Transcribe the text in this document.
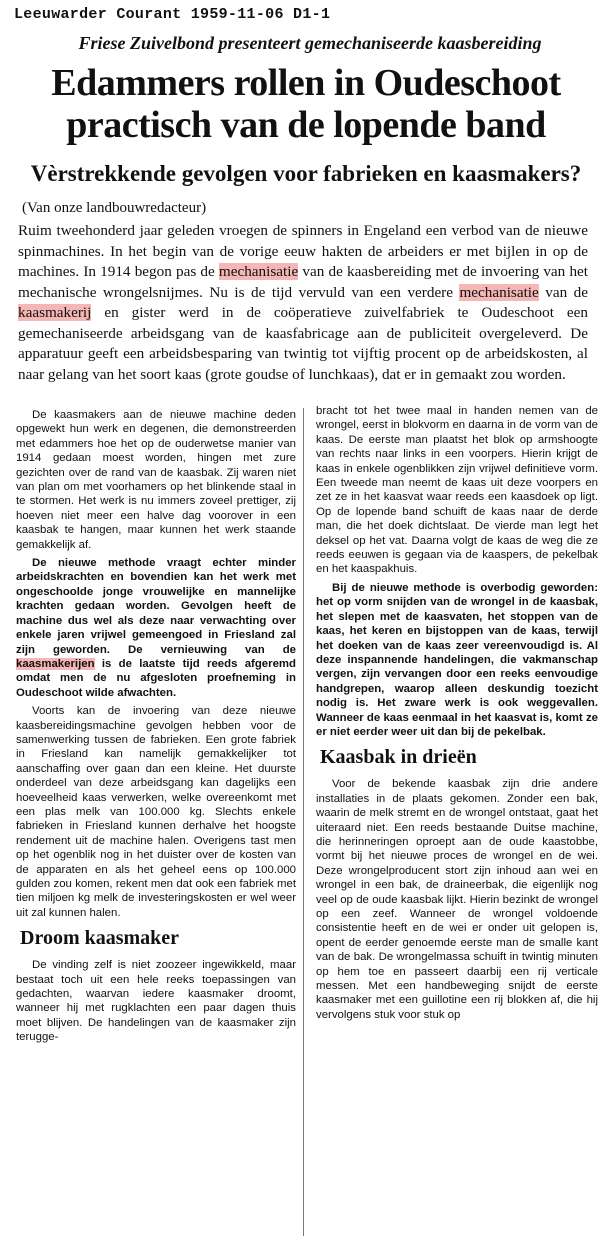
Leeuwarder Courant 1959-11-06 D1-1
Friese Zuivelbond presenteert gemechaniseerde kaasbereiding
Edammers rollen in Oudeschoot
practisch van de lopende band
Vèrstrekkende gevolgen voor fabrieken en kaasmakers?
(Van onze landbouwredacteur)
Ruim tweehonderd jaar geleden vroegen de spinners in Engeland een verbod van de nieuwe spinmachines. In het begin van de vorige eeuw hakten de arbeiders er met bijlen in op de machines. In 1914 begon pas de mechanisatie van de kaasbereiding met de invoering van het mechanische wrongelsnijmes. Nu is de tijd vervuld van een verdere mechanisatie van de kaasmakerij en gister werd in de coöperatieve zuivelfabriek te Oudeschoot een gemechaniseerde arbeidsgang van de kaasfabricage aan de publiciteit overgeleverd. De apparatuur geeft een arbeidsbesparing van twintig tot vijftig procent op de arbeidskosten, al naar gelang van het soort kaas (grote goudse of lunchkaas), dat er in gemaakt zou worden.

De kaasmakers aan de nieuwe machine deden opgewekt hun werk en degenen, die demonstreerden met edammers hoe het op de ouderwetse manier van 1914 gedaan moest worden, hingen met zure gezichten over de rand van de kaasbak. Zij waren niet van plan om met voorhamers op het blinkende staal in te stormen. Het werk is nu immers zoveel prettiger, zij hoeven niet meer een halve dag voorover in een kaasbak te hangen, maar kunnen het werk staande gemakkelijk af.

De nieuwe methode vraagt echter minder arbeidskrachten en bovendien kan het werk met ongeschoolde jonge vrouwelijke en mannelijke krachten gedaan worden. Gevolgen heeft de machine dus wel als deze naar verwachting over enkele jaren vrijwel gemeengoed in Friesland zal zijn geworden. De vernieuwing van de kaasmakerijen is de laatste tijd reeds afgeremd omdat men de nu afgesloten proefneming in Oudeschoot wilde afwachten.

Voorts kan de invoering van deze nieuwe kaasbereidingsmachine gevolgen hebben voor de samenwerking tussen de fabrieken. Een grote fabriek in Friesland kan namelijk gemakkelijker tot aanschaffing over gaan dan een kleine. Het duurste onderdeel van deze arbeidsgang kan dagelijks een hoeveelheid kaas verwerken, welke overeenkomt met een plas melk van 100.000 kg. Slechts enkele fabrieken in Friesland kunnen derhalve het hoogste rendement uit de machine halen. Overigens tast men op het ogenblik nog in het duister over de kosten van de apparaten en als het geheel eens op 100.000 gulden zou komen, rekent men dat ook een fabriek met tien miljoen kg melk de investeringskosten er wel weer uit zal kunnen halen.

Droom kaasmaker

De vinding zelf is niet zoozeer ingewikkeld, maar bestaat toch uit een hele reeks toepassingen van gedachten, waarvan iedere kaasmaker droomt, wanneer hij met rugklachten een paar dagen thuis moet blijven. De handelingen van de kaasmaker zijn terugge-

bracht tot het twee maal in handen nemen van de wrongel, eerst in blokvorm en daarna in de vorm van de kaas. De eerste man plaatst het blok op armshoogte van rechts naar links in een voorpers. Hierin krijgt de kaas in enkele ogenblikken zijn vrijwel definitieve vorm. Een tweede man neemt de kaas uit deze voorpers en zet ze in het kaasvat waar reeds een kaasdoek op ligt. Op de lopende band schuift de kaas naar de derde man, die het doek dichtslaat. De vierde man legt het deksel op het vat. Daarna volgt de kaas de weg die ze reeds eeuwen is gegaan via de kaaspers, de pekelbak en het kaaspakhuis.

Bij de nieuwe methode is overbodig geworden: het op vorm snijden van de wrongel in de kaasbak, het slepen met de kaasvaten, het stoppen van de kaas, het keren en bijstoppen van de kaas, terwijl het doeken van de kaas zeer vereenvoudigd is. Al deze inspannende handelingen, die vakmanschap vergen, zijn vervangen door een reeks eenvoudige handgrepen, waarop alleen deskundig toezicht nodig is. Het zware werk is ook weggevallen. Wanneer de kaas eenmaal in het kaasvat is, komt ze er niet eerder weer uit dan bij de pekelbak.

Kaasbak in drieën

Voor de bekende kaasbak zijn drie andere installaties in de plaats gekomen. Zonder een bak, waarin de melk stremt en de wrongel ontstaat, gaat het uiteraard niet. Een reeds bestaande Duitse machine, die herinneringen oproept aan de oude kaastobbe, vormt bij het nieuwe proces de wrongel en de wei. Deze wrongelproducent stort zijn inhoud aan wei en wrongel in een bak, de draineerbak, die eigenlijk nog veel op de oude kaasbak lijkt. Hierin bezinkt de wrongel op een zeef. Wanneer de wrongel voldoende consistentie heeft en de wei er onder uit gelopen is, opent de eerder genoemde eerste man de smalle kant van de bak. De wrongelmassa schuift in twintig minuten op hem toe en passeert daarbij een rij verticale messen. Met een handbeweging snijdt de eerste kaasmaker met een guillotine een rij blokken af, die hij vervolgens stuk voor stuk op
